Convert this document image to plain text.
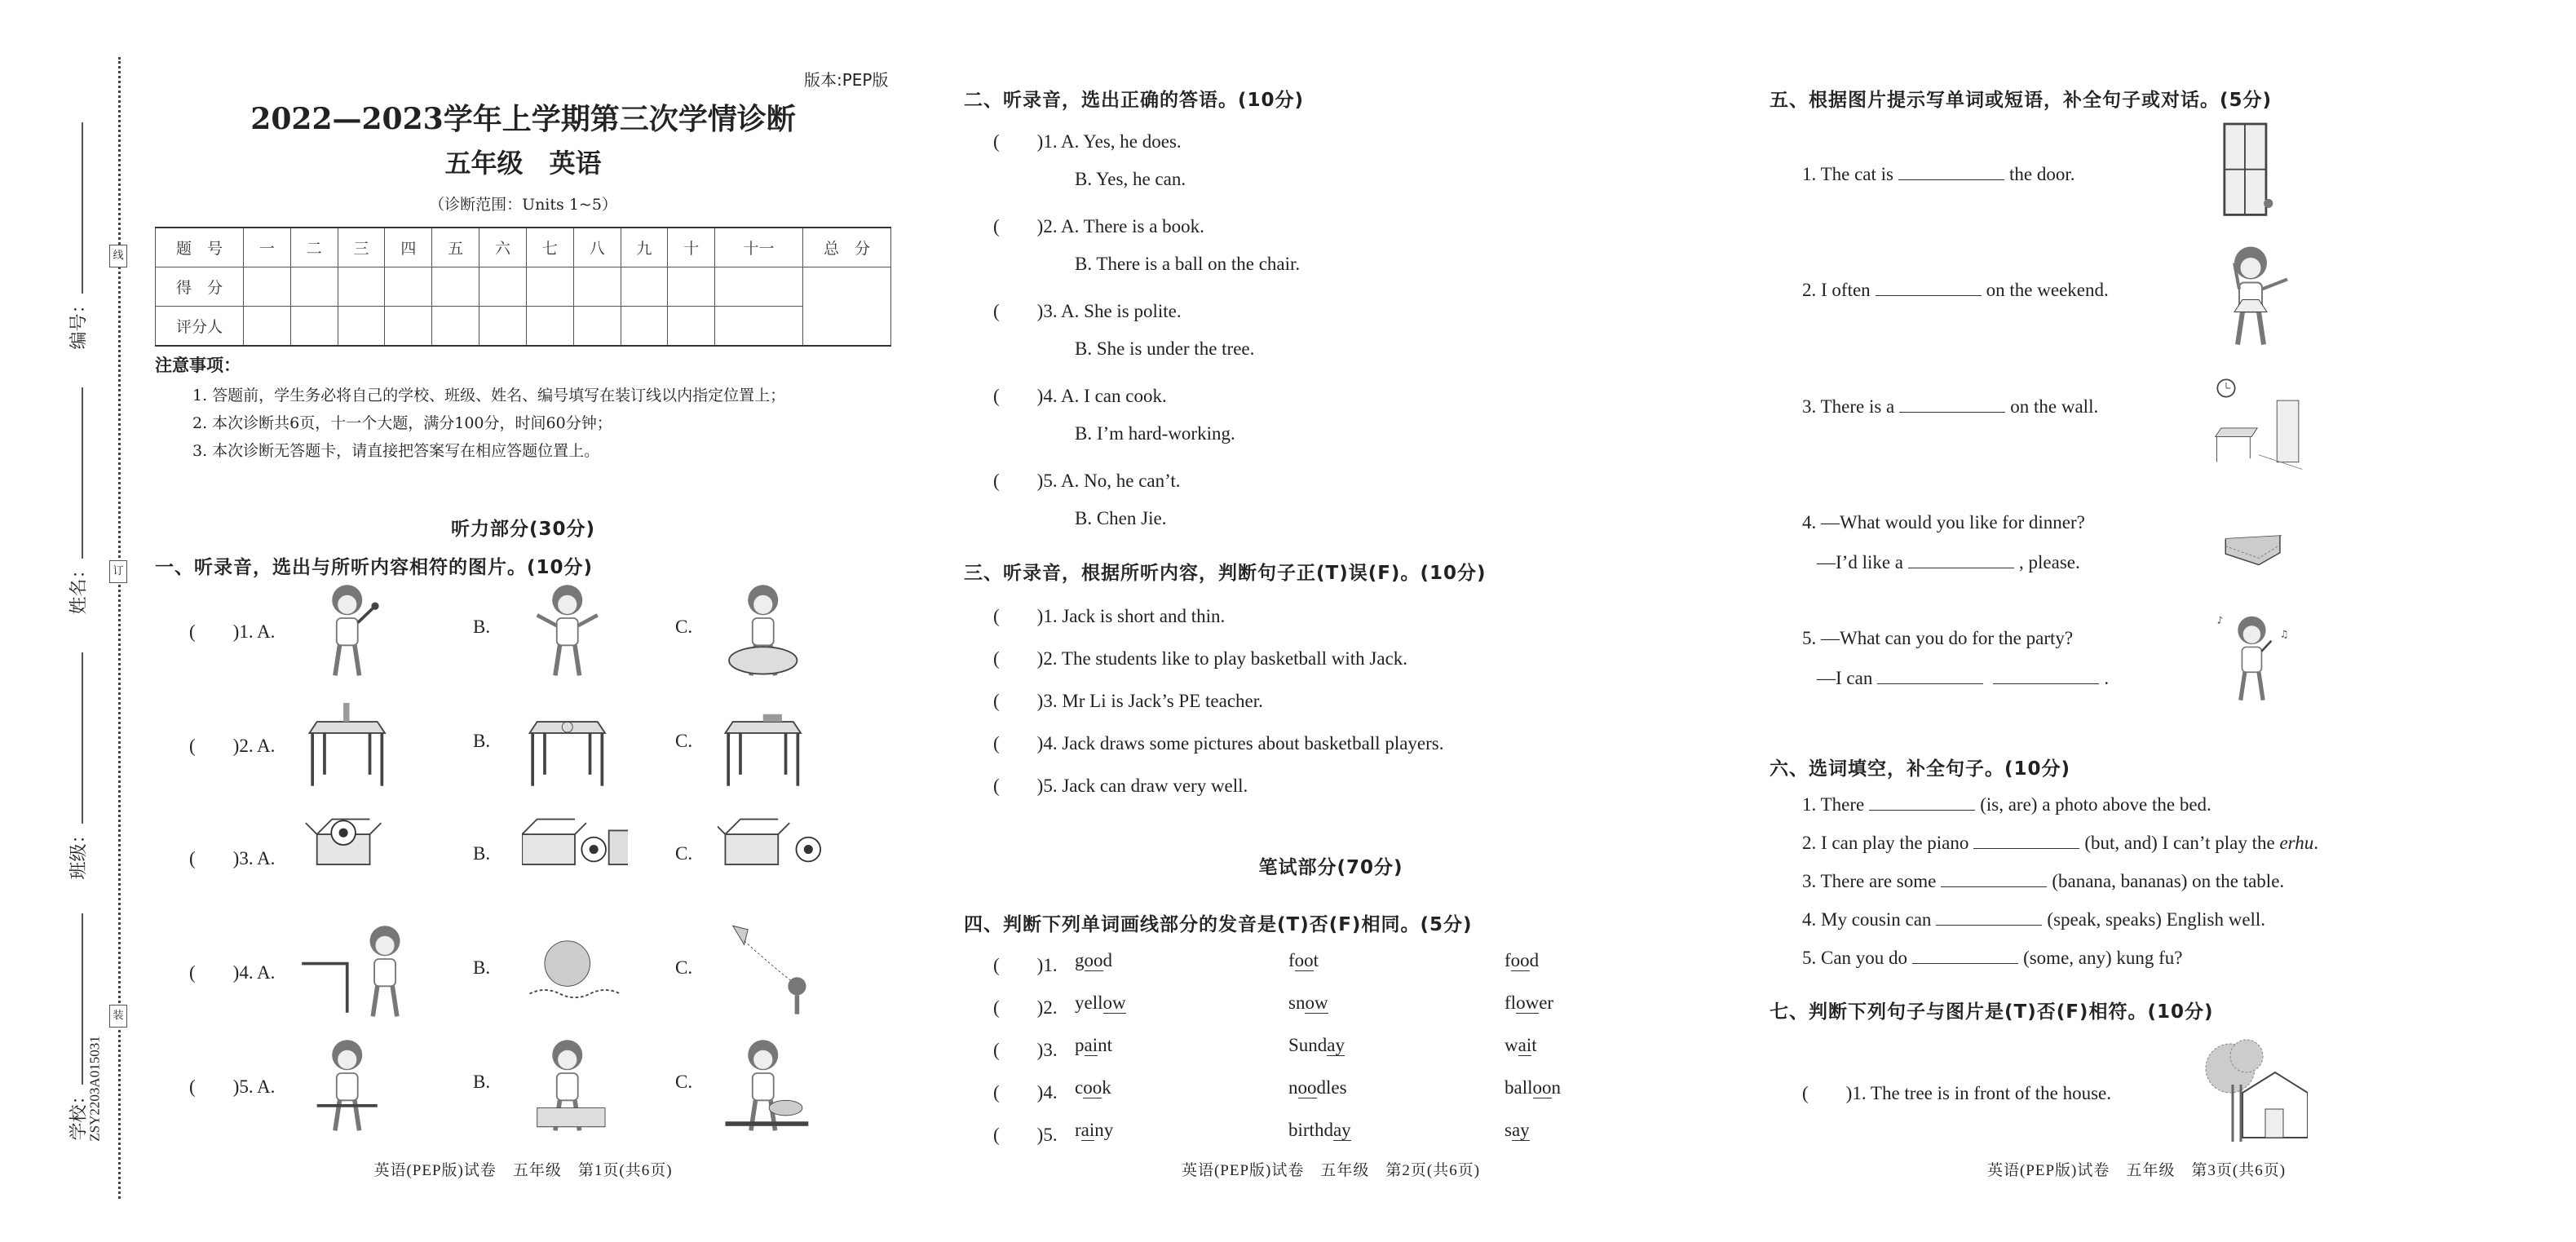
编号：
姓名：
班级：
学校：
线
订
装
ZSY2203A015031
版本:PEP版
2022—2023学年上学期第三次学情诊断
五年级　英语
（诊断范围：Units 1~5）
题　号	一	二	三	四	五	六	七	八	九	十	十一	总　分
得　分												
评分人												
注意事项：
听力部分(30分)
一、听录音，选出与所听内容相符的图片。(10分)
(　　)1. A.	B.	C.
(　　)2. A.	B.	C.
(　　)3. A.	B.	C.
(　　)4. A.	B.	C.
(　　)5. A.	B.	C.
英语(PEP版)试卷　五年级　第1页(共6页)
二、听录音，选出正确的答语。(10分)
(　　)1. A. Yes, he does.
B. Yes, he can.
(　　)2. A. There is a book.
B. There is a ball on the chair.
(　　)3. A. She is polite.
B. She is under the tree.
(　　)4. A. I can cook.
B. I’m hard-working.
(　　)5. A. No, he can’t.
B. Chen Jie.
三、听录音，根据所听内容，判断句子正(T)误(F)。(10分)
(　　)1. Jack is short and thin.
(　　)2. The students like to play basketball with Jack.
(　　)3. Mr Li is Jack’s PE teacher.
(　　)4. Jack draws some pictures about basketball players.
(　　)5. Jack can draw very well.
笔试部分(70分)
四、判断下列单词画线部分的发音是(T)否(F)相同。(5分)
(　　)1. good	foot	food
(　　)2. yellow	snow	flower
(　　)3. paint	Sunday	wait
(　　)4. cook	noodles	balloon
(　　)5. rainy	birthday	say
英语(PEP版)试卷　五年级　第2页(共6页)
五、根据图片提示写单词或短语，补全句子或对话。(5分)
1. The cat is	the door.
2. I often	on the weekend.
3. There is a	on the wall.
4. —What would you like for dinner?
—I’d like a	, please.
5. —What can you do for the party?
—I can	.
♪
♫
六、选词填空，补全句子。(10分)
1. There	(is, are) a photo above the bed.
2. I can play the piano	(but, and) I can’t play the erhu.
3. There are some	(banana, bananas) on the table.
4. My cousin can	(speak, speaks) English well.
5. Can you do	(some, any) kung fu?
七、判断下列句子与图片是(T)否(F)相符。(10分)
(　　)1. The tree is in front of the house.
英语(PEP版)试卷　五年级　第3页(共6页)
1. 答题前，学生务必将自己的学校、班级、姓名、编号填写在装订线以内指定位置上；
2. 本次诊断共6页，十一个大题，满分100分，时间60分钟；
3. 本次诊断无答题卡，请直接把答案写在相应答题位置上。
